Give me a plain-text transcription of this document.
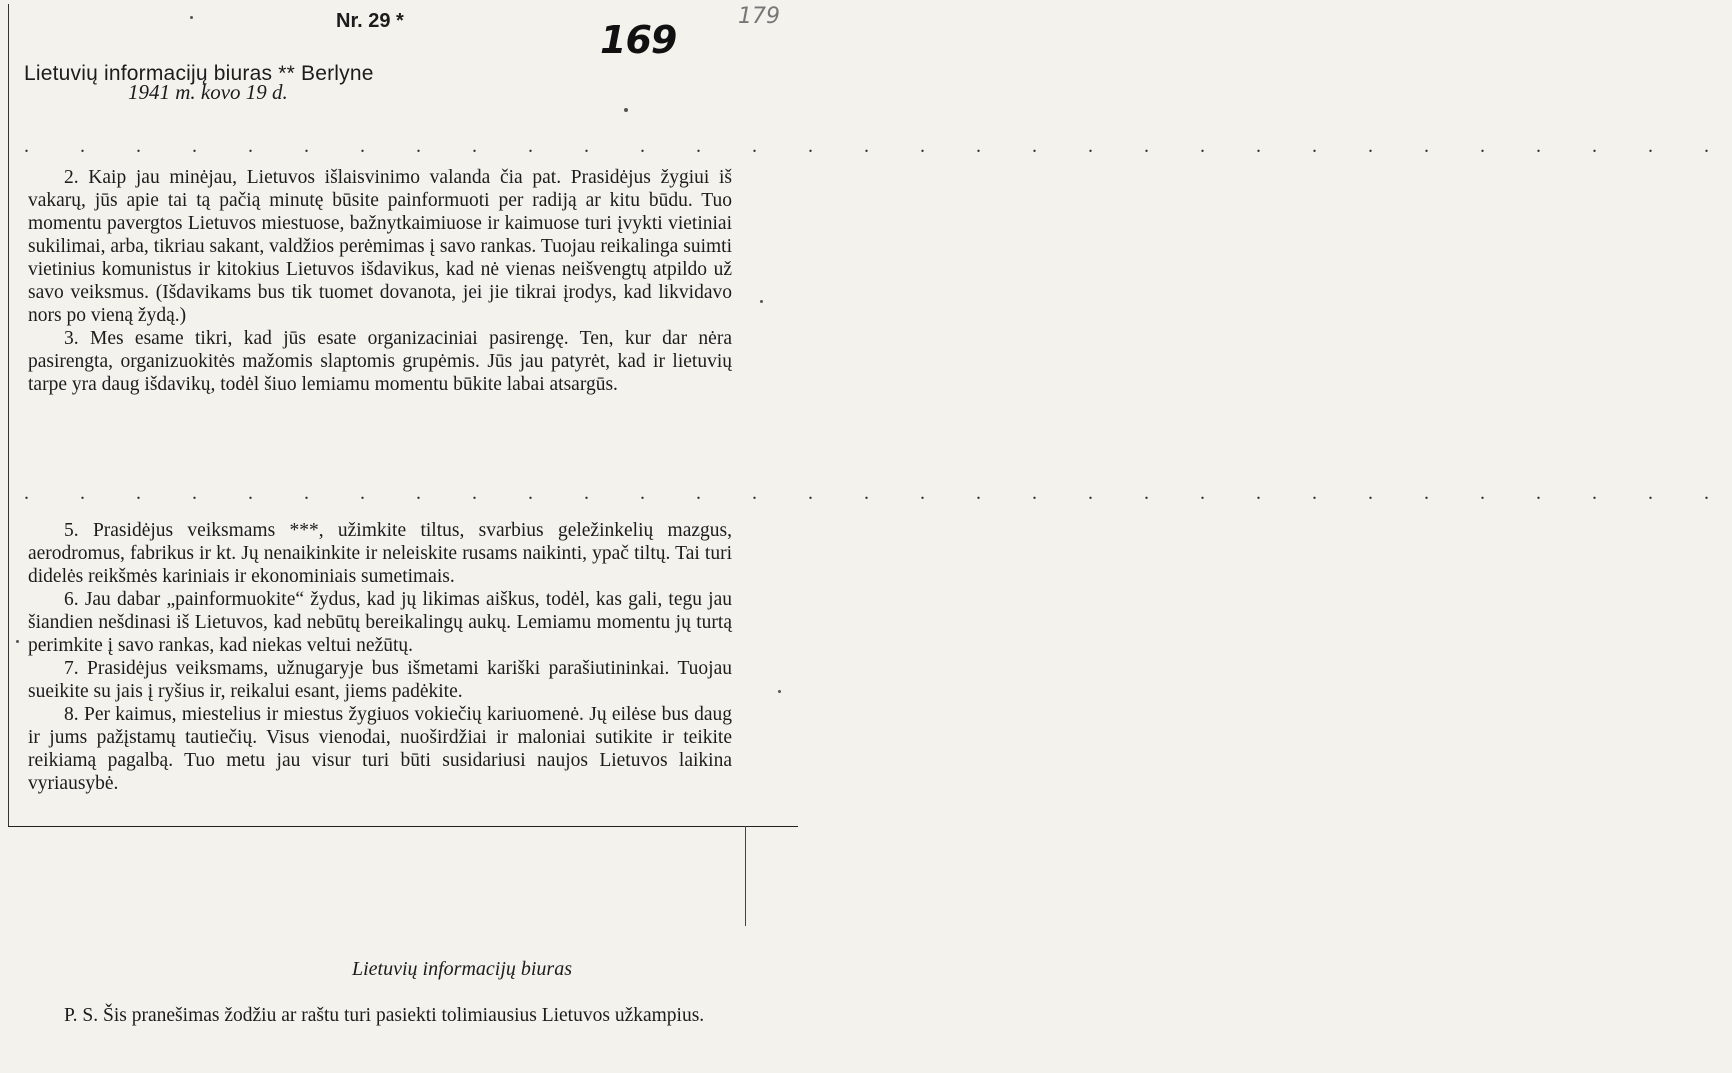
Nr. 29 *	169
179
Lietuvių informacijų biuras ** Berlyne
1941 m. kovo 19 d.
. . . . . . . . . . . . . . . . . . . . . . . . . . . . . . .

2. Kaip jau minėjau, Lietuvos išlaisvinimo valanda čia pat. Prasidėjus žygiui iš vakarų, jūs apie tai tą pačią minutę būsite painformuoti per radiją ar kitu būdu. Tuo momentu pavergtos Lietuvos miestuose, bažnytkaimiuose ir kaimuose turi įvykti vietiniai sukilimai, arba, tikriau sakant, valdžios perėmimas į savo rankas. Tuojau reikalinga suimti vietinius komunistus ir kitokius Lietuvos išdavikus, kad nė vienas neišvengtų atpildo už savo veiksmus. (Išdavikams bus tik tuomet dovanota, jei jie tikrai įrodys, kad likvidavo nors po vieną žydą.)

3. Mes esame tikri, kad jūs esate organizaciniai pasirengę. Ten, kur dar nėra pasirengta, organizuokitės mažomis slaptomis grupėmis. Jūs jau patyrėt, kad ir lietuvių tarpe yra daug išdavikų, todėl šiuo lemiamu momentu būkite labai atsargūs.

. . . . . . . . . . . . . . . . . . . . . . . . . . . . . . .

5. Prasidėjus veiksmams ***, užimkite tiltus, svarbius geležinkelių mazgus, aerodromus, fabrikus ir kt. Jų nenaikinkite ir neleiskite rusams naikinti, ypač tiltų. Tai turi didelės reikšmės kariniais ir ekonominiais sumetimais.

6. Jau dabar „painformuokite“ žydus, kad jų likimas aiškus, todėl, kas gali, tegu jau šiandien nešdinasi iš Lietuvos, kad nebūtų bereikalingų aukų. Lemiamu momentu jų turtą perimkite į savo rankas, kad niekas veltui nežūtų.

7. Prasidėjus veiksmams, užnugaryje bus išmetami kariški parašiutininkai. Tuojau sueikite su jais į ryšius ir, reikalui esant, jiems padėkite.

8. Per kaimus, miestelius ir miestus žygiuos vokiečių kariuomenė. Jų eilėse bus daug ir jums pažįstamų tautiečių. Visus vienodai, nuoširdžiai ir maloniai sutikite ir teikite reikiamą pagalbą. Tuo metu jau visur turi būti susidariusi naujos Lietuvos laikina vyriausybė.

Lietuvių informacijų biuras

P. S. Šis pranešimas žodžiu ar raštu turi pasiekti tolimiausius Lietuvos užkampius.
